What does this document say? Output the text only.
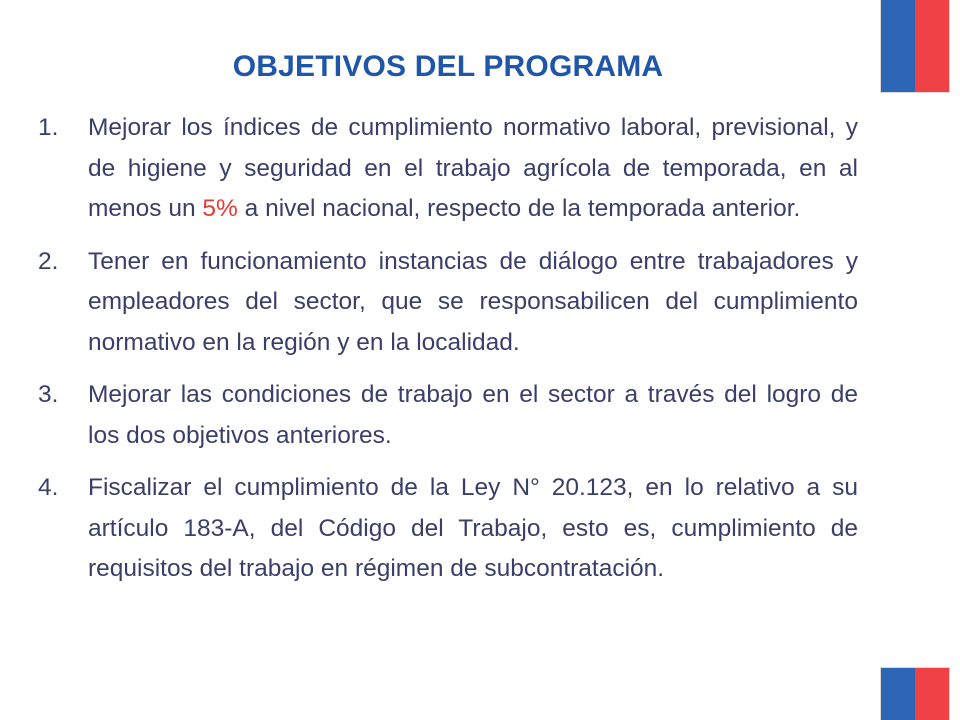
OBJETIVOS DEL PROGRAMA
1.	Mejorar los índices de cumplimiento normativo laboral, previsional, y de higiene y seguridad en el trabajo agrícola de temporada, en al menos un 5% a nivel nacional, respecto de la temporada anterior.
2.	Tener en funcionamiento instancias de diálogo entre trabajadores y empleadores del sector, que se responsabilicen del cumplimiento normativo en la región y en la localidad.
3.	Mejorar las condiciones de trabajo en el sector a través del logro de los dos objetivos anteriores.
4.	Fiscalizar el cumplimiento de la Ley N° 20.123, en lo relativo a su artículo 183-A, del Código del Trabajo, esto es, cumplimiento de requisitos del trabajo en régimen de subcontratación.
